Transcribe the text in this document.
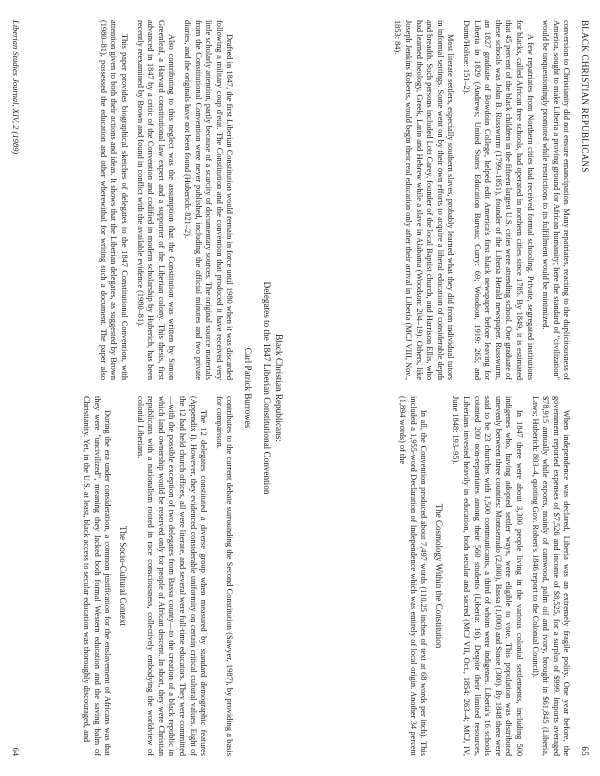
Black Christian Republicans:
Delegates to the 1847 Liberian Constitutional Convention
Carl Patrick Burrowes

Drafted in 1847, the first Liberian Constitution would remain in force until 1980 when it was discarded following a military coup d'etat. The Constitution and the convention that produced it have received very little scholarly attention, partly because of a scarcity of documentary sources. The original source materials from the Constitutional Convention were never published, including the official minutes and two private diaries, and the originals have not been found (Huberich: 821–2).

Also contributing to this neglect was the assumption that the Constitution was written by Simon Greenleaf, a Harvard constitutional law expert and a supporter of the Liberian colony. This thesis, first advanced in 1847 by a critic of the Convention and codified in modern scholarship by Huberich, has been recently reexamined by Brown and found in conflict with the available evidence (1980–81).

This paper provides biographical sketches of delegates to the 1847 Constitutional Convention, with attention given to both their actions and ideas. It shows that the Liberian delegates, as suggested by Brown (1980–81), possessed the education and other wherewithal for writing such a document. The paper also contributes to the current debate surrounding the Second Constitution (Sawyer, 1987), by providing a basis for comparison.

The 12 delegates constituted a diverse group when measured by standard demographic features (Appendix I). However, they evidenced considerable uniformity on certain critical cultural values. Eight of the 12 had held church offices, all were literate, and several were full-time educators. They were committed—with the possible exception of two delegates from Bassa county—to the creation of a black republic in which land ownership would be reserved only for people of African descent. In short, they were Christian republicans with a nationalism rooted in race consciousness, collectively embodying the worldview of colonial Liberians.

The Socio-Cultural Context

During the era under consideration, a common justification for the enslavement of Africans was that they were "uncivilized", meaning they lacked both formal Western education and the saving balm of Christianity. Yet, in the U.S. at least, black access to secular education was thoroughly discouraged, and

Liberian Studies Journal, XIV, 2 (1989)
64
BLACK CHRISTIAN REPUBLICANS
65

conversion to Christianity did not ensure emancipation. Many repatriates, reacting to the duplicitousness of America, sought to make Liberia a proving ground for African humanity; here the standard of "civilization" would be unquestioningly promoted while restrictions to its fulfillment would be minimized.

A few repatriates from Northern cities had received formal schooling. Private, segregated institutions for blacks, called African free schools, had operated in northern cities since 1785. By 1849, it is estimated that 45 percent of the black children in the fifteen largest U.S. cities were attending school. One graduate of these schools was John B. Russwurm (1799–1851), founder of the Liberia Herald newspaper. Russwurm, an 1827 graduate of Bowdoin College, helped edit America's first black newspaper before leaving for Liberia in 1829 (Andrews; United States Education Bureau; Curry: 69; Woodson, 1919: 265; and Dunn/Holsoe: 151–2).

Most literate settlers, especially southern slaves, probably learned what they did from individual tutors in informal settings. Some went on by their own efforts to acquire a liberal education of considerable depth and breadth. Such persons included Lott Carey, founder of the local Baptist church, and Harrison Ellis, who had learned theology, Greek, Latin and Hebrew while a slave in Alabama (Woodson: 204–19). Others, like Joseph Jenkins Roberts, would begin their real education only after their arrival in Liberia (MCJ VIII, Nov., 1853: 84).

When independence was declared, Liberia was an extremely fragile polity. One year before, the government reported expenses of $7,526 and income of $8,525, for a surplus of $999. Imports averaged $78,915 annually while exports, mainly of camwood, palm oil and ivory, brought in $61,845 (Liberia, Laws; Huberich: 803–4, quoting Gov. Robert's 1846 report to the Colonial Council).

In 1847 there were about 3,300 people living in the various colonial settlements, including 500 indigenes who, having adopted settler ways, were eligible to vote. This population was distributed unevenly between three counties: Montserrado (2,000), Bassa (1,000) and Sinoe (300). By 1848 there were said to be 23 churches with 1,500 communicants, a third of whom were indigenes. Liberia's 16 schools counted 200 non-repatriates among their 560 students (Liberia: 16). Despite their limited resources, Liberians invested heavily in education, both secular and sacred (MCJ VII, Oct., 1854: 263–4; MCJ, IV, June 1848: 193–95).

The Cosmology Within the Constitution

In all, the Convention produced about 7,497 words (110.25 inches of text at 68 words per inch). This included a 1,955-word Declaration of Independence which was entirely of local origin. Another 34 percent (1,894 words) of the
